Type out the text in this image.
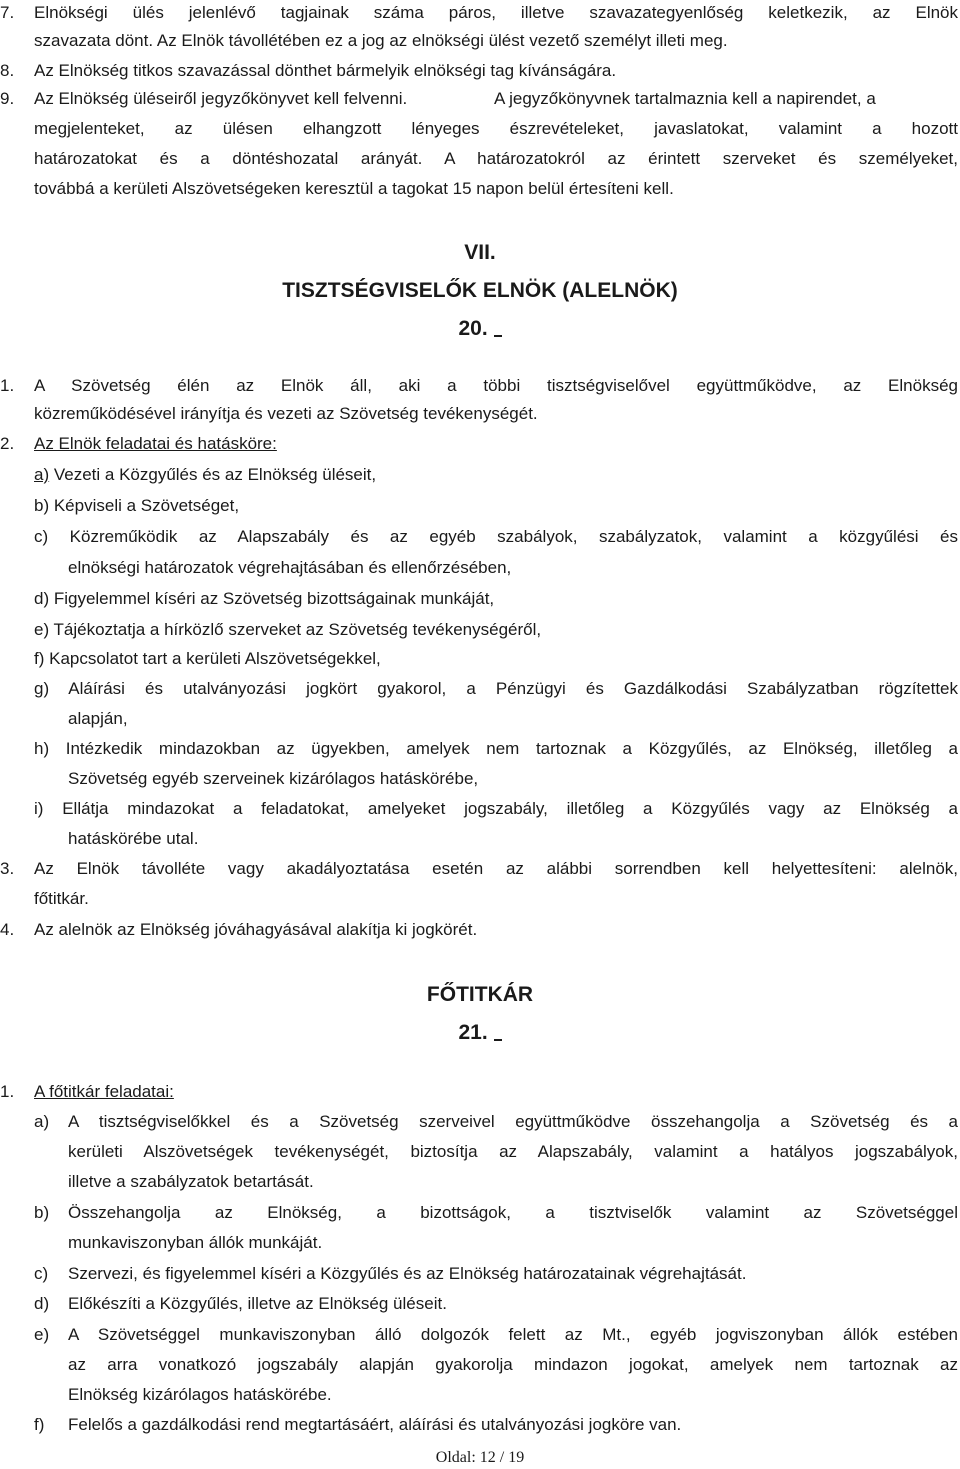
7. Elnökségi ülés jelenlévő tagjainak száma páros, illetve szavazategyenlőség keletkezik, az Elnök
szavazata dönt. Az Elnök távollétében ez a jog az elnökségi ülést vezető személyt illeti meg.
8. Az Elnökség titkos szavazással dönthet bármelyik elnökségi tag kívánságára.
9. Az Elnökség üléseiről jegyzőkönyvet kell felvenni.	A jegyzőkönyvnek tartalmaznia kell a napirendet, a
megjelenteket, az ülésen elhangzott lényeges észrevételeket, javaslatokat, valamint a hozott
határozatokat és a döntéshozatal arányát. A határozatokról az érintett szerveket és személyeket,
továbbá a kerületi Alszövetségeken keresztül a tagokat 15 napon belül értesíteni kell.
VII.
TISZTSÉGVISELŐK ELNÖK (ALELNÖK)
20.
1. A Szövetség élén az Elnök áll, aki a többi tisztségviselővel együttműködve, az Elnökség
közreműködésével irányítja és vezeti az Szövetség tevékenységét.
2. Az Elnök feladatai és hatásköre:
a) Vezeti a Közgyűlés és az Elnökség üléseit,
b) Képviseli a Szövetséget,
c) Közreműködik az Alapszabály és az egyéb szabályok, szabályzatok, valamint a közgyűlési és
elnökségi határozatok végrehajtásában és ellenőrzésében,
d) Figyelemmel kíséri az Szövetség bizottságainak munkáját,
e) Tájékoztatja a hírközlő szerveket az Szövetség tevékenységéről,
f) Kapcsolatot tart a kerületi Alszövetségekkel,
g) Aláírási és utalványozási jogkört gyakorol, a Pénzügyi és Gazdálkodási Szabályzatban rögzítettek
alapján,
h) Intézkedik mindazokban az ügyekben, amelyek nem tartoznak a Közgyűlés, az Elnökség, illetőleg a
Szövetség egyéb szerveinek kizárólagos hatáskörébe,
i) Ellátja mindazokat a feladatokat, amelyeket jogszabály, illetőleg a Közgyűlés vagy az Elnökség a
hatáskörébe utal.
3. Az Elnök távolléte vagy akadályoztatása esetén az alábbi sorrendben kell helyettesíteni: alelnök,
főtitkár.
4. Az alelnök az Elnökség jóváhagyásával alakítja ki jogkörét.
FŐTITKÁR
21.
1. A főtitkár feladatai:
a) A tisztségviselőkkel és a Szövetség szerveivel együttműködve összehangolja a Szövetség és a
kerületi Alszövetségek tevékenységét, biztosítja az Alapszabály, valamint a hatályos jogszabályok,
illetve a szabályzatok betartását.
b) Összehangolja az Elnökség, a bizottságok, a tisztviselők valamint az Szövetséggel
munkaviszonyban állók munkáját.
c) Szervezi, és figyelemmel kíséri a Közgyűlés és az Elnökség határozatainak végrehajtását.
d) Előkészíti a Közgyűlés, illetve az Elnökség üléseit.
e) A Szövetséggel munkaviszonyban álló dolgozók felett az Mt., egyéb jogviszonyban állók estében
az arra vonatkozó jogszabály alapján gyakorolja mindazon jogokat, amelyek nem tartoznak az
Elnökség kizárólagos hatáskörébe.
f) Felelős a gazdálkodási rend megtartásáért, aláírási és utalványozási jogköre van.
Oldal: 12 / 19
